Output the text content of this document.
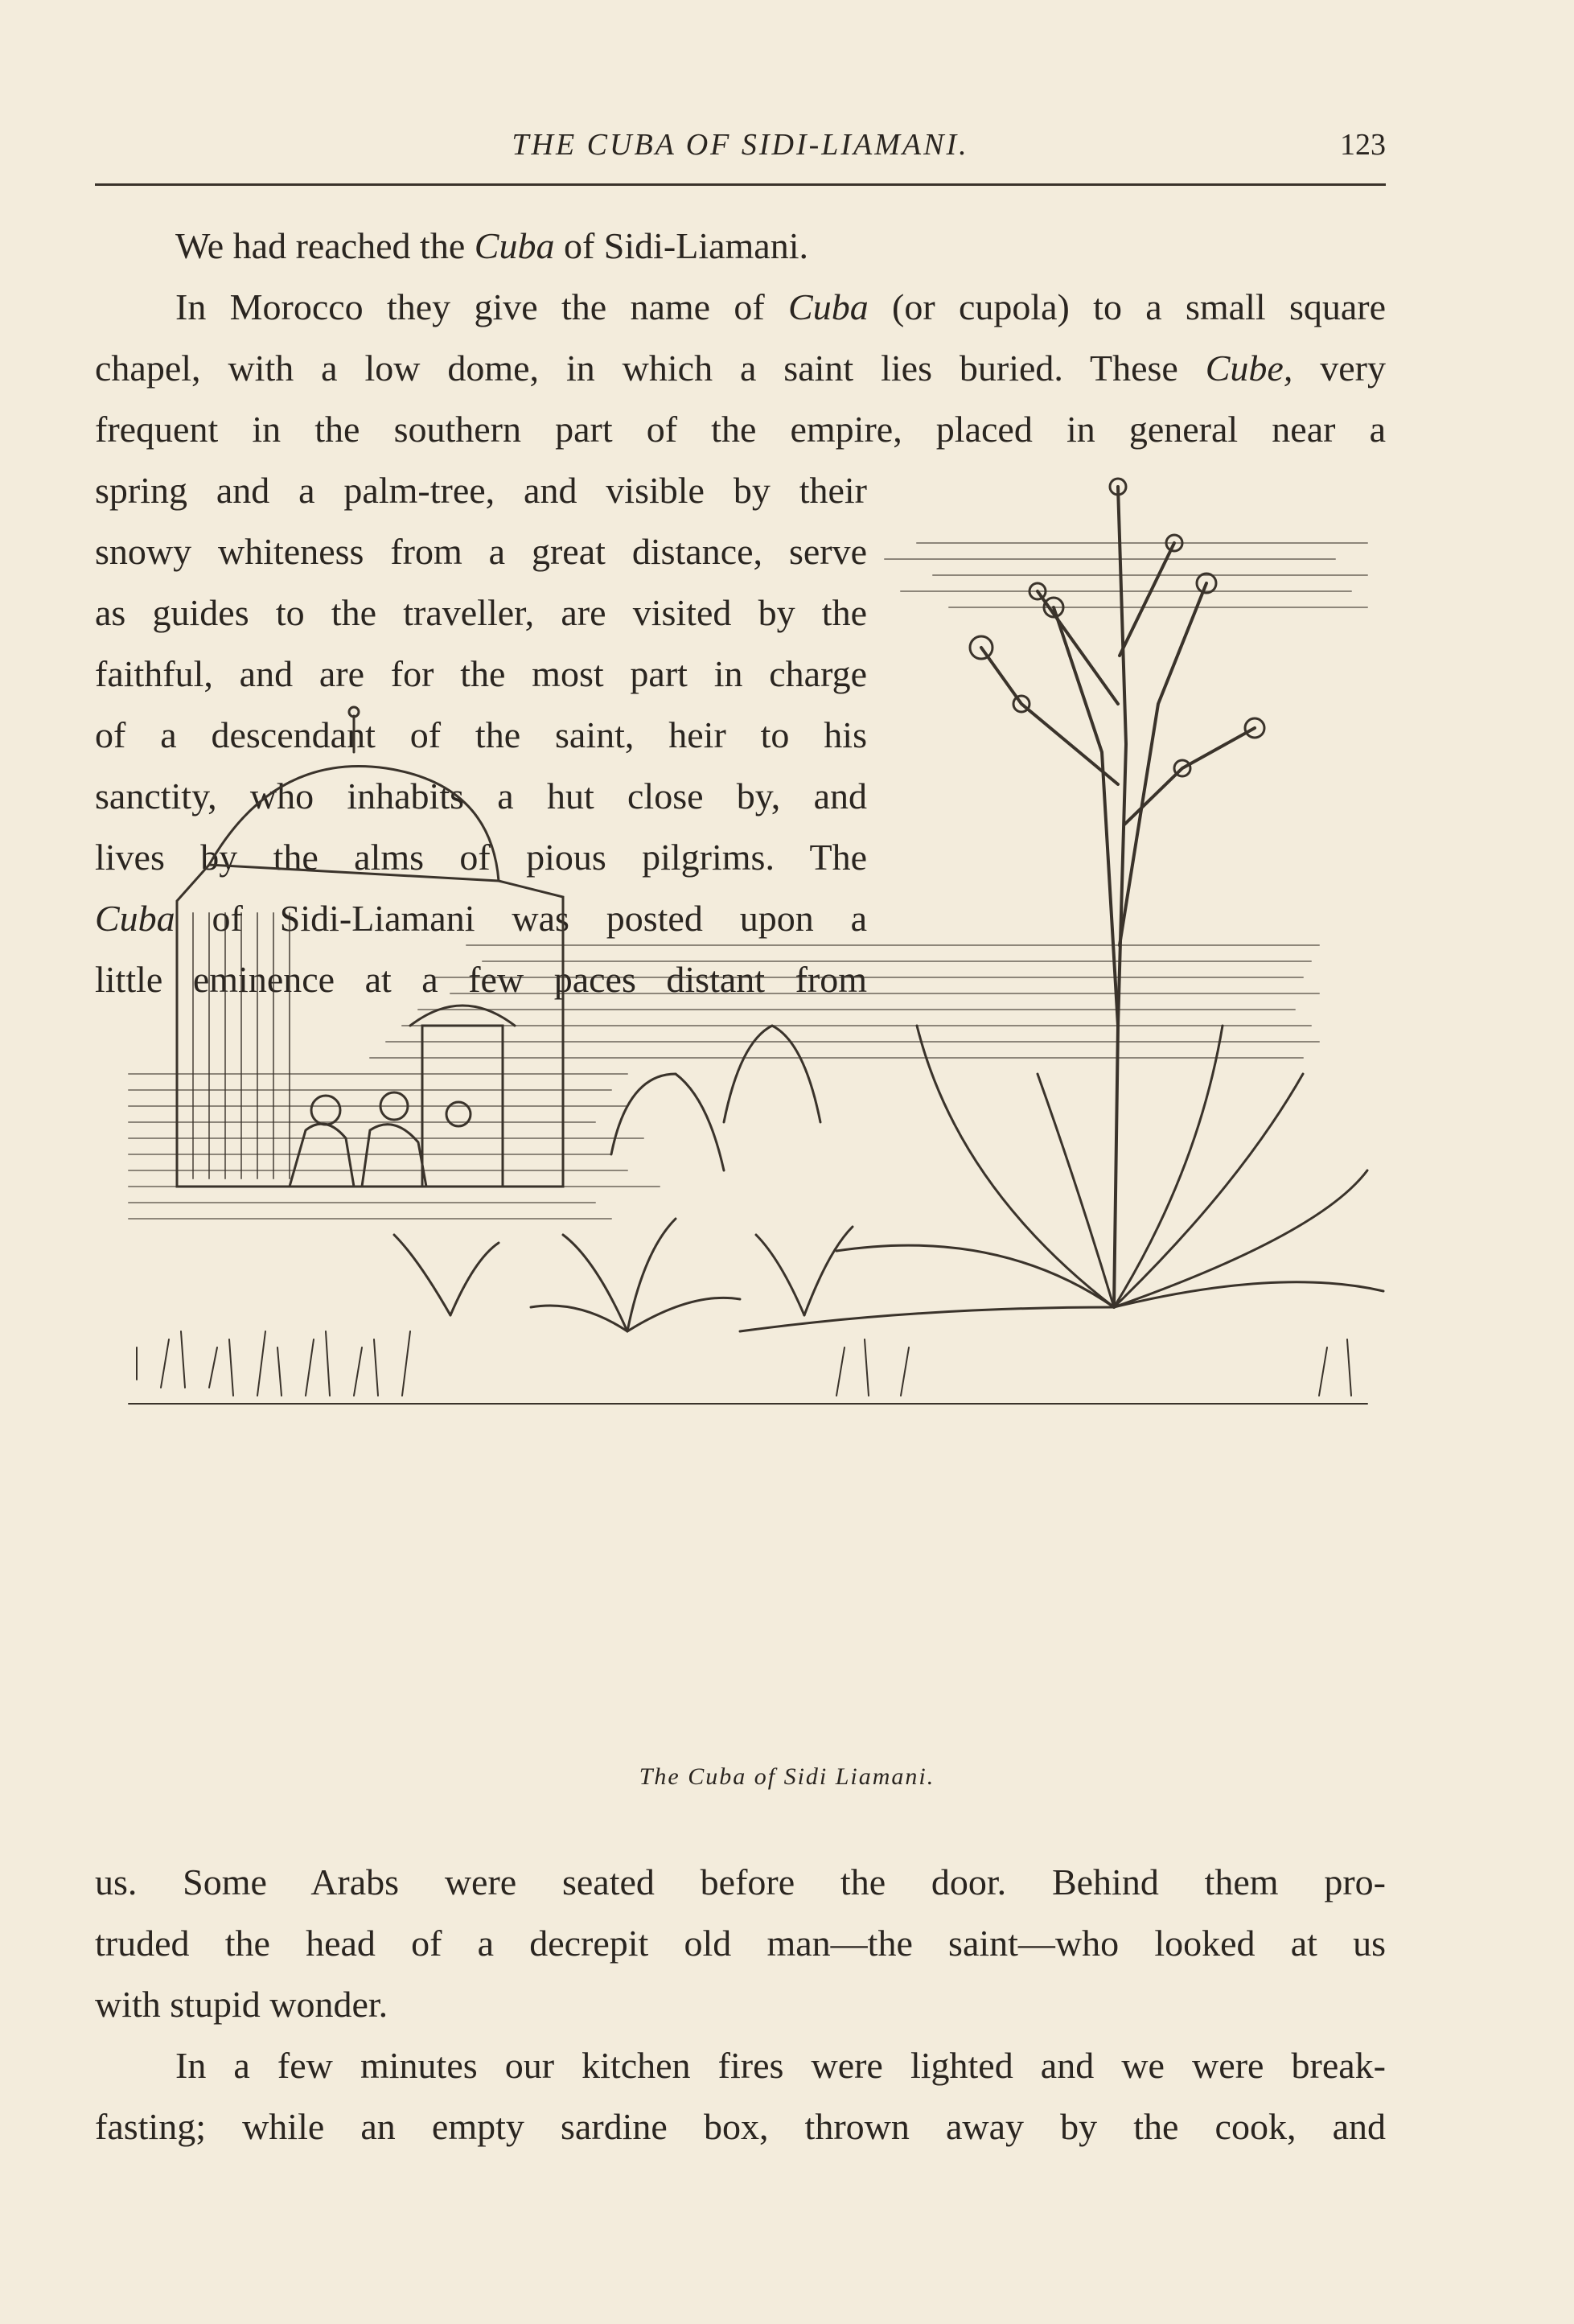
THE CUBA OF SIDI-LIAMANI.	123
We had reached the Cuba of Sidi-Liamani.
In Morocco they give the name of Cuba (or cupola) to a small square
chapel, with a low dome, in which a saint lies buried. These Cube, very
frequent in the southern part of the empire, placed in general near a
spring and a palm-tree, and visible by their
snowy whiteness from a great distance, serve
as guides to the traveller, are visited by the
faithful, and are for the most part in charge
of a descendant of the saint, heir to his
sanctity, who inhabits a hut close by, and
lives by the alms of pious pilgrims. The
Cuba of Sidi-Liamani was posted upon a
little eminence at a few paces distant from
The Cuba of Sidi Liamani.
us. Some Arabs were seated before the door. Behind them pro-
truded the head of a decrepit old man—the saint—who looked at us
with stupid wonder.
In a few minutes our kitchen fires were lighted and we were break-
fasting; while an empty sardine box, thrown away by the cook, and
